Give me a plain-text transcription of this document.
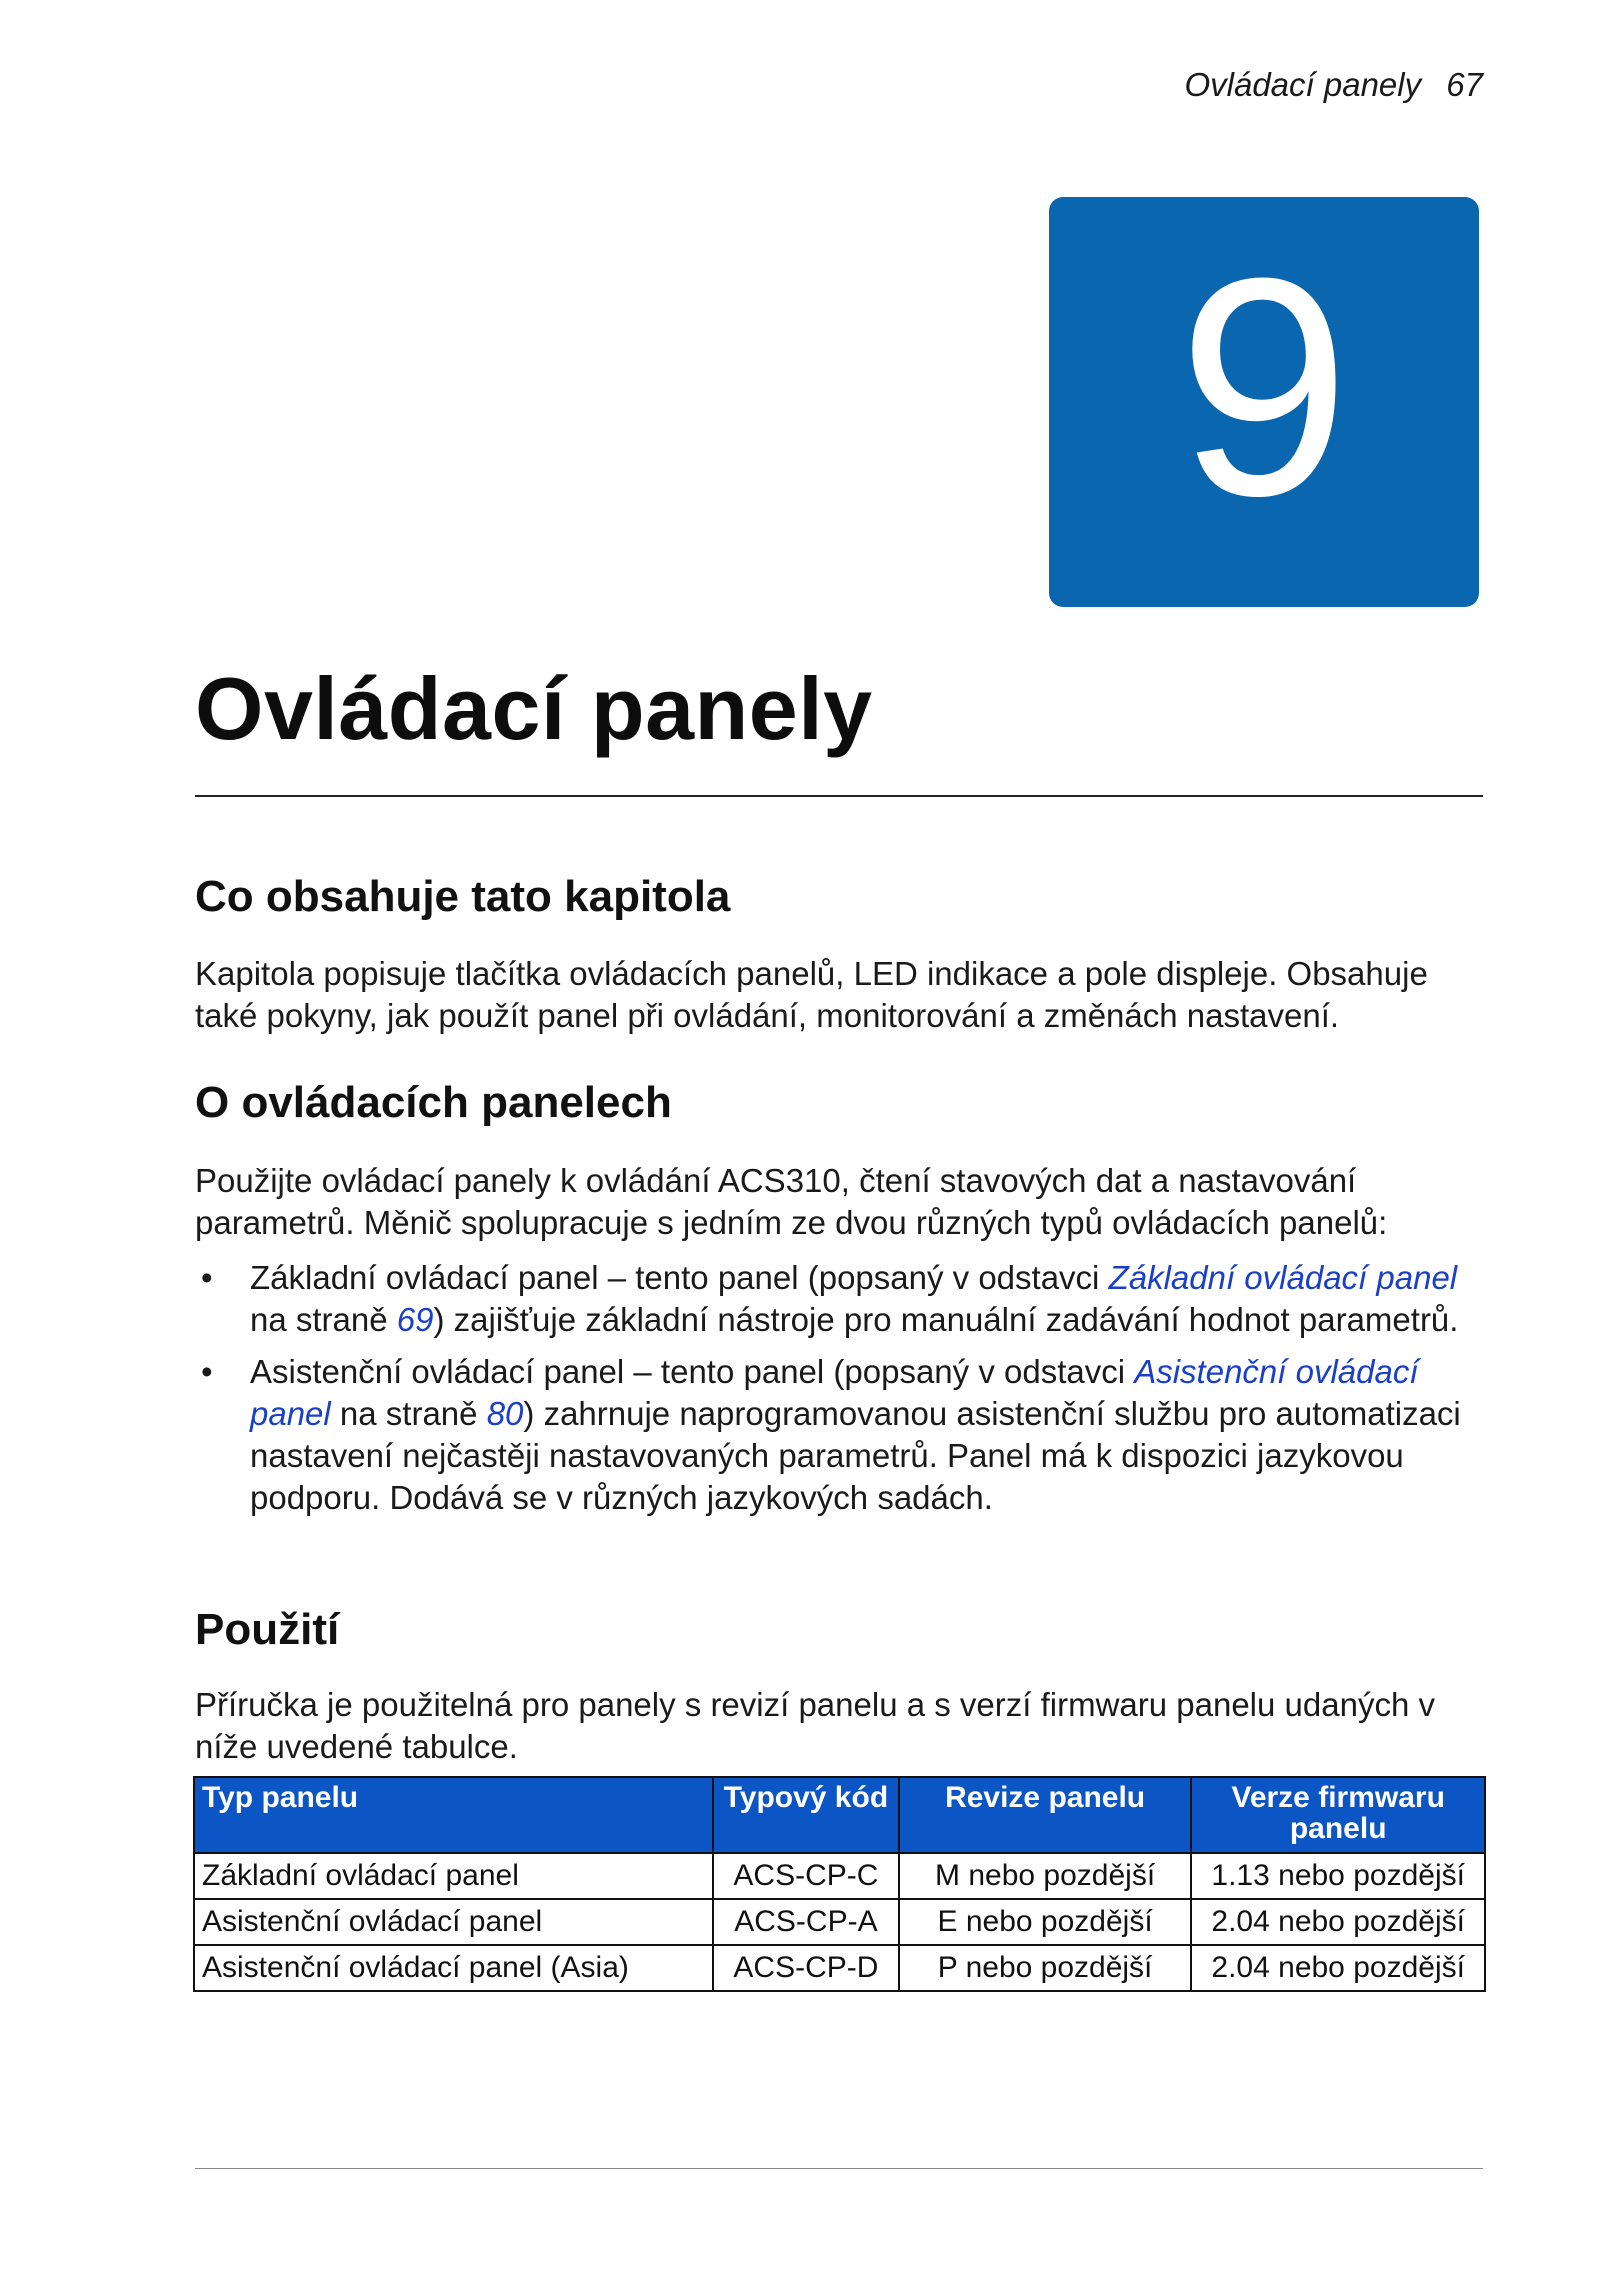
Ovládací panely 67
9
Ovládací panely
Co obsahuje tato kapitola

Kapitola popisuje tlačítka ovládacích panelů, LED indikace a pole displeje. Obsahuje také pokyny, jak použít panel při ovládání, monitorování a změnách nastavení.

O ovládacích panelech

Použijte ovládací panely k ovládání ACS310, čtení stavových dat a nastavování parametrů. Měnič spolupracuje s jedním ze dvou různých typů ovládacích panelů:

• Základní ovládací panel – tento panel (popsaný v odstavci Základní ovládací panel na straně 69) zajišťuje základní nástroje pro manuální zadávání hodnot parametrů.
• Asistenční ovládací panel – tento panel (popsaný v odstavci Asistenční ovládací panel na straně 80) zahrnuje naprogramovanou asistenční službu pro automatizaci nastavení nejčastěji nastavovaných parametrů. Panel má k dispozici jazykovou podporu. Dodává se v různých jazykových sadách.
Použití

Příručka je použitelná pro panely s revizí panelu a s verzí firmwaru panelu udaných v níže uvedené tabulce.

Typ panelu	Typový kód	Revize panelu	Verze firmwaru panelu
Základní ovládací panel	ACS-CP-C	M nebo pozdější	1.13 nebo pozdější
Asistenční ovládací panel	ACS-CP-A	E nebo pozdější	2.04 nebo pozdější
Asistenční ovládací panel (Asia)	ACS-CP-D	P nebo pozdější	2.04 nebo pozdější
